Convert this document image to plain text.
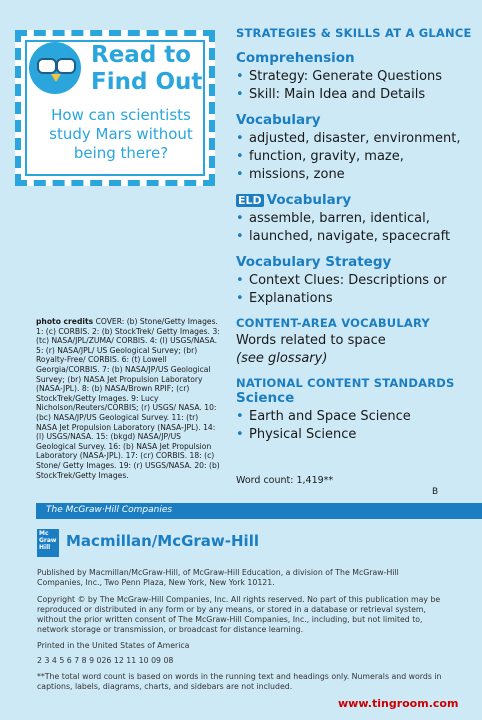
Read to
Find Out
How can scientists study Mars without being there?

STRATEGIES & SKILLS AT A GLANCE

Comprehension

• Strategy: Generate Questions
• Skill: Main Idea and Details

Vocabulary

• adjusted, disaster, environment,
• function, gravity, maze,
• missions, zone

ELD Vocabulary

• assemble, barren, identical,
• launched, navigate, spacecraft

Vocabulary Strategy

• Context Clues: Descriptions or
• Explanations

CONTENT-AREA VOCABULARY

Words related to space
(see glossary)

NATIONAL CONTENT STANDARDS

Science

• Earth and Space Science
• Physical Science
photo credits COVER: (b) Stone/Getty Images. 1: (c) CORBIS. 2: (b) StockTrek/ Getty Images. 3: (tc) NASA/JPL/ZUMA/ CORBIS. 4: (l) USGS/NASA. 5: (r) NASA/JPL/ US Geological Survey; (br) Royalty-Free/ CORBIS. 6: (t) Lowell Georgia/CORBIS. 7: (b) NASA/JP/US Geological Survey; (br) NASA Jet Propulsion Laboratory (NASA-JPL). 8: (b) NASA/Brown RPIF; (cr) StockTrek/Getty Images. 9: Lucy Nicholson/Reuters/CORBIS; (r) USGS/ NASA. 10: (bc) NASA/JP/US Geological Survey. 11: (tr) NASA Jet Propulsion Laboratory (NASA-JPL). 14: (l) USGS/NASA. 15: (bkgd) NASA/JP/US Geological Survey. 16: (b) NASA Jet Propulsion Laboratory (NASA-JPL). 17: (cr) CORBIS. 18: (c) Stone/ Getty Images. 19: (r) USGS/NASA. 20: (b) StockTrek/Getty Images.	Word count: 1,419**
B
The McGraw·Hill Companies
Mc Graw Hill	Macmillan/McGraw-Hill
Published by Macmillan/McGraw-Hill, of McGraw-Hill Education, a division of The McGraw-Hill Companies, Inc., Two Penn Plaza, New York, New York 10121.
Copyright © by The McGraw-Hill Companies, Inc. All rights reserved. No part of this publication may be reproduced or distributed in any form or by any means, or stored in a database or retrieval system, without the prior written consent of The McGraw-Hill Companies, Inc., including, but not limited to, network storage or transmission, or broadcast for distance learning.
Printed in the United States of America
2 3 4 5 6 7 8 9 026 12 11 10 09 08
**The total word count is based on words in the running text and headings only. Numerals and words in captions, labels, diagrams, charts, and sidebars are not included.
www.tingroom.com
